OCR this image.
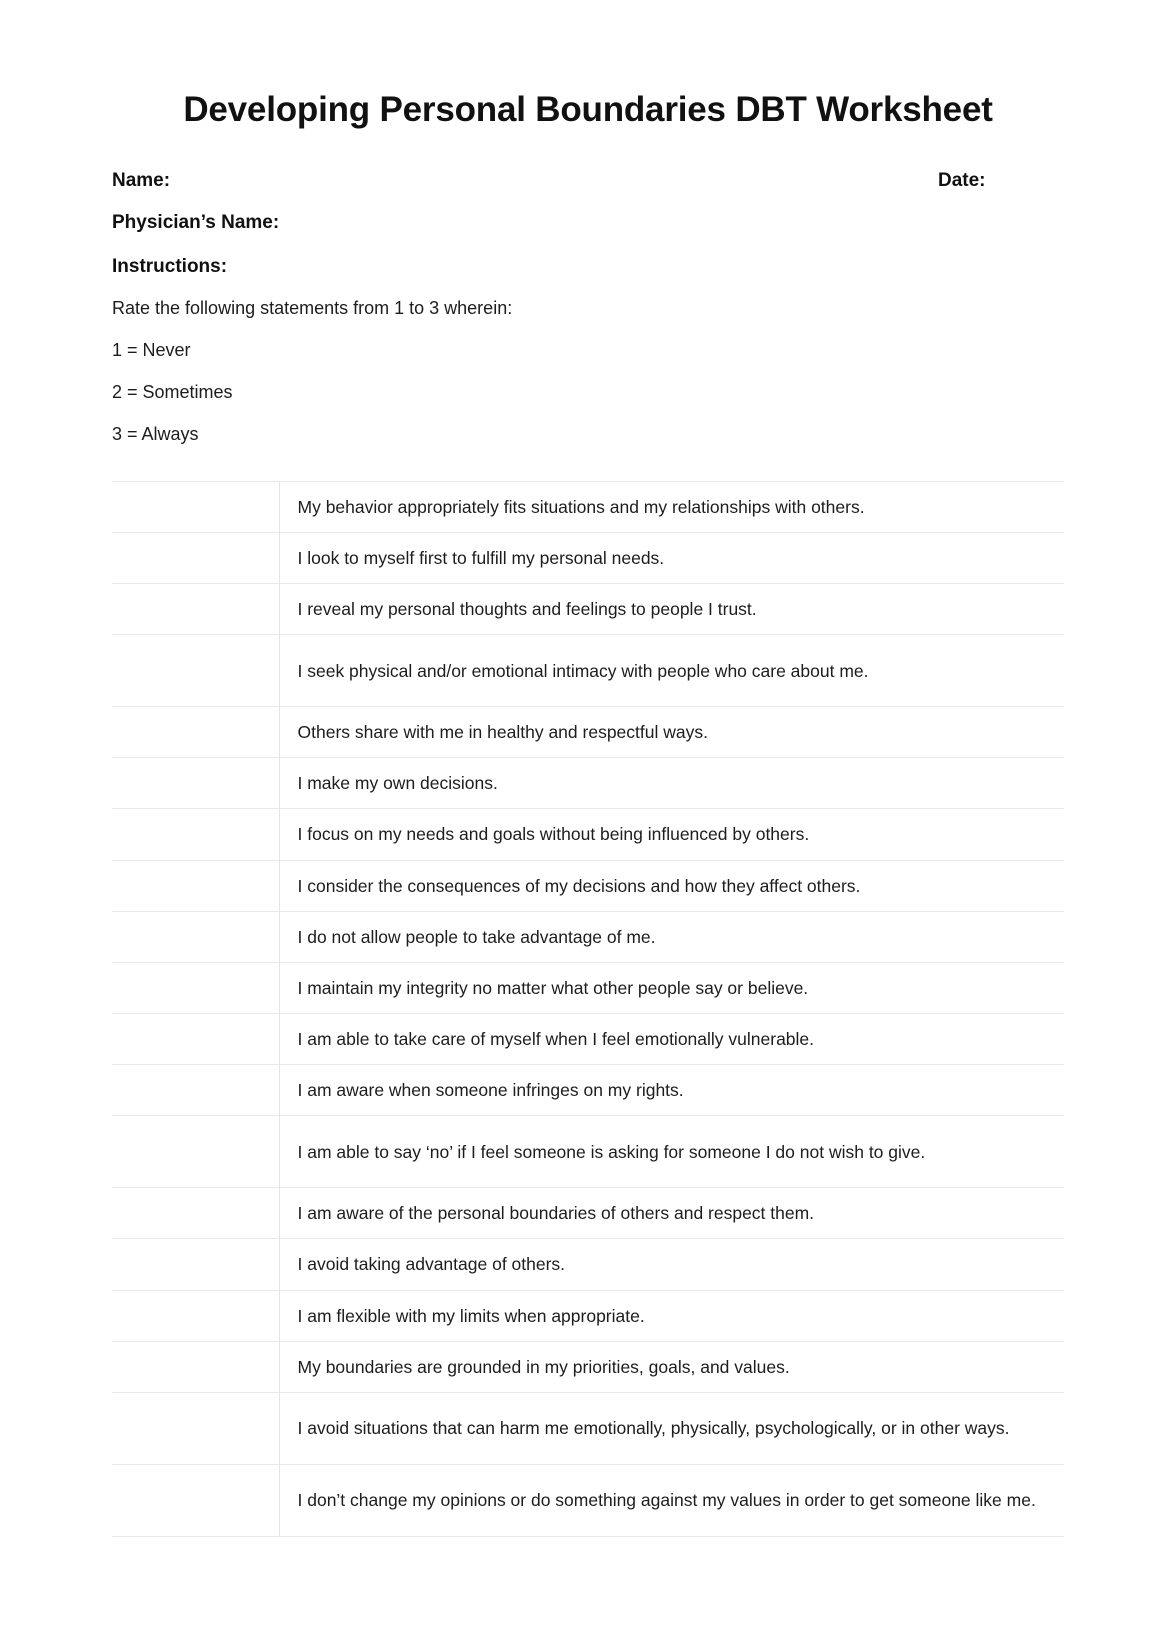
Developing Personal Boundaries DBT Worksheet
Name:	Date:
Physician’s Name:
Instructions:
Rate the following statements from 1 to 3 wherein:
1 = Never
2 = Sometimes
3 = Always
	My behavior appropriately fits situations and my relationships with others.
	I look to myself first to fulfill my personal needs.
	I reveal my personal thoughts and feelings to people I trust.
	I seek physical and/or emotional intimacy with people who care about me.
	Others share with me in healthy and respectful ways.
	I make my own decisions.
	I focus on my needs and goals without being influenced by others.
	I consider the consequences of my decisions and how they affect others.
	I do not allow people to take advantage of me.
	I maintain my integrity no matter what other people say or believe.
	I am able to take care of myself when I feel emotionally vulnerable.
	I am aware when someone infringes on my rights.
	I am able to say ‘no’ if I feel someone is asking for someone I do not wish to give.
	I am aware of the personal boundaries of others and respect them.
	I avoid taking advantage of others.
	I am flexible with my limits when appropriate.
	My boundaries are grounded in my priorities, goals, and values.
	I avoid situations that can harm me emotionally, physically, psychologically, or in other ways.
	I don’t change my opinions or do something against my values in order to get someone like me.
